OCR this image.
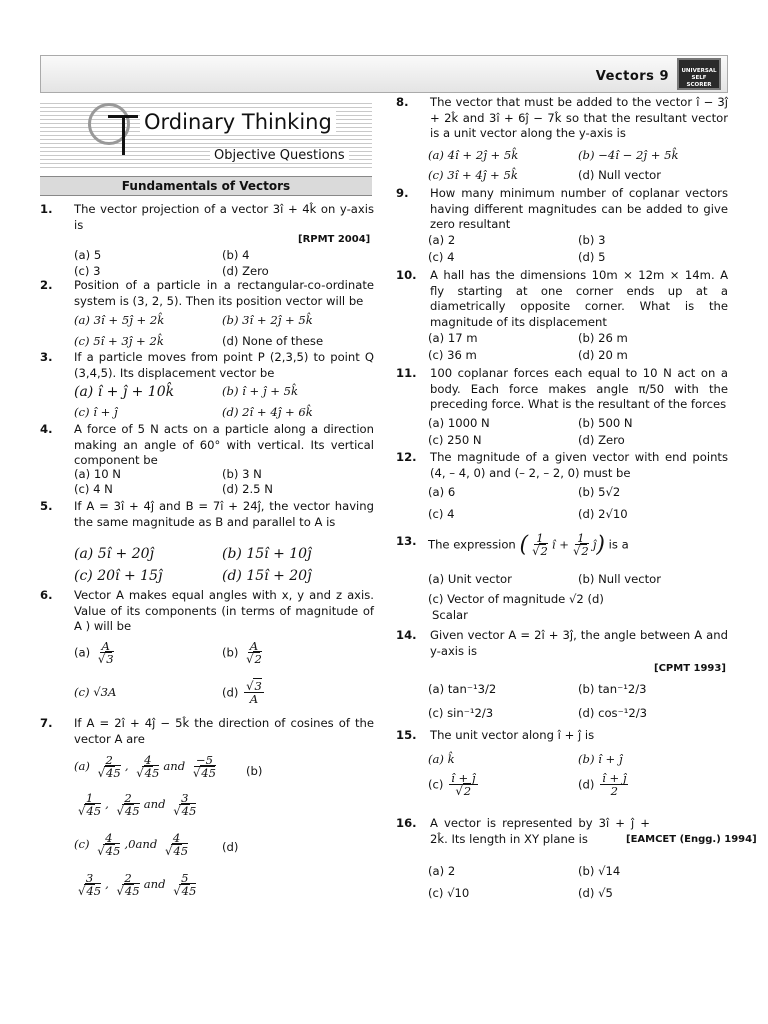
Vectors 9	UNIVERSAL SELF SCORER
Ordinary Thinking
Objective Questions
Fundamentals of Vectors
1. The vector projection of a vector 3î + 4k̂ on y-axis is
[RPMT 2004]
(a) 5	(b) 4
(c) 3	(d) Zero
2. Position of a particle in a rectangular-co-ordinate system is (3, 2, 5). Then its position vector will be
(a) 3î + 5ĵ + 2k̂	(b) 3î + 2ĵ + 5k̂
(c) 5î + 3ĵ + 2k̂	(d) None of these
3. If a particle moves from point P (2,3,5) to point Q (3,4,5). Its displacement vector be
(a) î + ĵ + 10k̂	(b) î + ĵ + 5k̂
(c) î + ĵ	(d) 2î + 4ĵ + 6k̂
4. A force of 5 N acts on a particle along a direction making an angle of 60° with vertical. Its vertical component be
(a) 10 N	(b) 3 N
(c) 4 N	(d) 2.5 N
5. If A = 3î + 4ĵ and B = 7î + 24ĵ, the vector having the same magnitude as B and parallel to A is
(a) 5î + 20ĵ	(b) 15î + 10ĵ
(c) 20î + 15ĵ	(d) 15î + 20ĵ
6. Vector A makes equal angles with x, y and z axis. Value of its components (in terms of magnitude of A ) will be
$(a) \frac{A}{√3}$	$(b) \frac{A}{√2}$
(c) √3A	$(d) \frac{√3}{A}$
7. If A = 2î + 4ĵ − 5k̂ the direction of cosines of the vector A are
$(a) \frac{2}{√45}$ , $\frac{4}{√45}$ and $\frac{-5}{√45} (b)$
$\frac{1}{√45}$ , $\frac{2}{√45}$ and $\frac{3}{√45}$
$(c) \frac{4}{√45} ,0and \frac{4}{√45}$	(d)
$\frac{3}{√45}$ , $\frac{2}{√45}$ and $\frac{5}{√45}$
8. The vector that must be added to the vector î − 3ĵ + 2k̂ and 3î + 6ĵ − 7k̂ so that the resultant vector is a unit vector along the y-axis is
(a) 4î + 2ĵ + 5k̂	(b) −4î − 2ĵ + 5k̂
(c) 3î + 4ĵ + 5k̂	(d) Null vector
9. How many minimum number of coplanar vectors having different magnitudes can be added to give zero resultant
(a) 2	(b) 3
(c) 4	(d) 5
10. A hall has the dimensions 10m × 12m × 14m. A fly starting at one corner ends up at a diametrically opposite corner. What is the magnitude of its displacement
(a) 17 m	(b) 26 m
(c) 36 m	(d) 20 m
11. 100 coplanar forces each equal to 10 N act on a body. Each force makes angle π/50 with the preceding force. What is the resultant of the forces
(a) 1000 N	(b) 500 N
(c) 250 N	(d) Zero
12. The magnitude of a given vector with end points (4, – 4, 0) and (– 2, – 2, 0) must be
(a) 6	(b) 5√2
(c) 4	(d) 2√10
13. The expression ( $\frac{1}{√2}$ î + $\frac{1}{√2}$ ĵ) is a
(a) Unit vector	(b) Null vector
(c) Vector of magnitude √2 (d)
Scalar
14. Given vector A = 2î + 3ĵ, the angle between A and y-axis is
[CPMT 1993]
(a) tan⁻¹3/2	(b) tan⁻¹2/3
(c) sin⁻¹2/3	(d) cos⁻¹2/3
15. The unit vector along î + ĵ is
(a) k̂	(b) î + ĵ
$(c) \frac{î + ĵ}{√2}$	$(d) \frac{î + ĵ}{2}$
16. A vector is represented by 3î + ĵ + 2k̂. Its length in XY plane is	[EAMCET (Engg.) 1994]
(a) 2	(b) √14
(c) √10	(d) √5
